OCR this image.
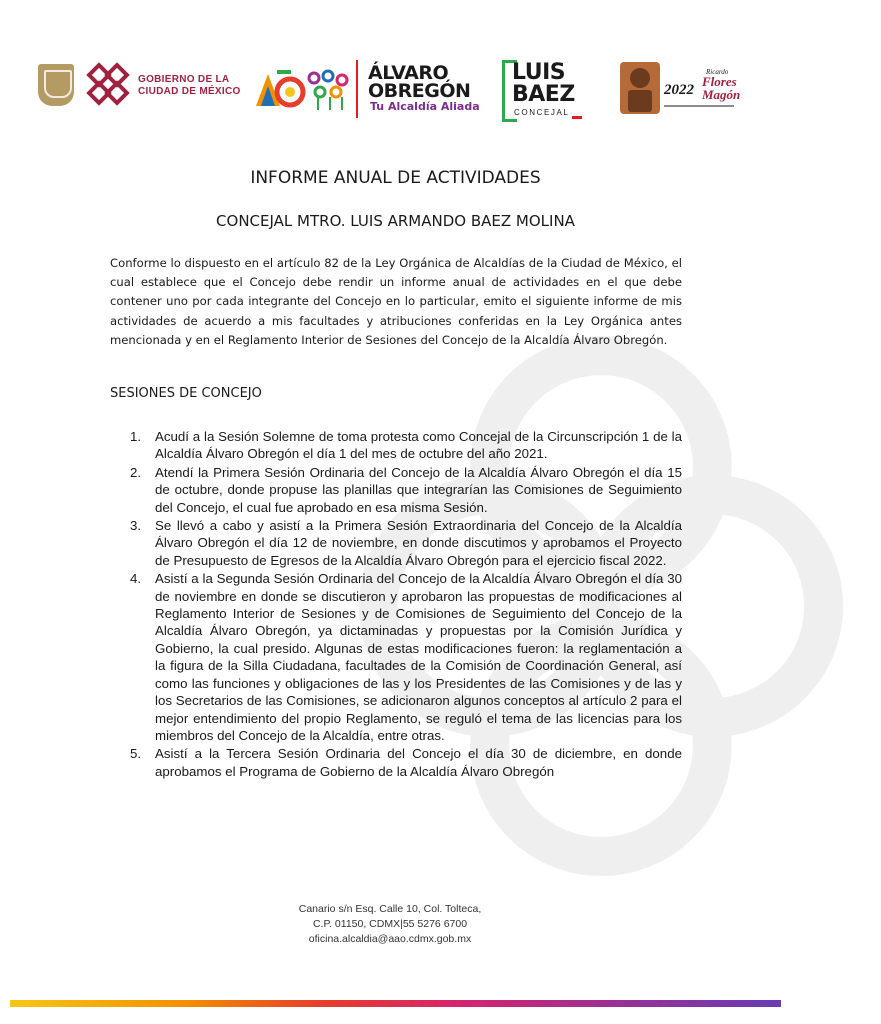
GOBIERNO DE LA
CIUDAD DE MÉXICO
ÁLVARO
OBREGÓN
Tu Alcaldía Aliada
LUIS
BAEZ
CONCEJAL
2022
Ricardo
Flores
Magón
INFORME ANUAL DE ACTIVIDADES
CONCEJAL MTRO. LUIS ARMANDO BAEZ MOLINA

Conforme lo dispuesto en el artículo 82 de la Ley Orgánica de Alcaldías de la Ciudad de México, el cual establece que el Concejo debe rendir un informe anual de actividades en el que debe contener uno por cada integrante del Concejo en lo particular, emito el siguiente informe de mis actividades de acuerdo a mis facultades y atribuciones conferidas en la Ley Orgánica antes mencionada y en el Reglamento Interior de Sesiones del Concejo de la Alcaldía Álvaro Obregón.

SESIONES DE CONCEJO
1. Acudí a la Sesión Solemne de toma protesta como Concejal de la Circunscripción 1 de la Alcaldía Álvaro Obregón el día 1 del mes de octubre del año 2021.
2. Atendí la Primera Sesión Ordinaria del Concejo de la Alcaldía Álvaro Obregón el día 15 de octubre, donde propuse las planillas que integrarían las Comisiones de Seguimiento del Concejo, el cual fue aprobado en esa misma Sesión.
3. Se llevó a cabo y asistí a la Primera Sesión Extraordinaria del Concejo de la Alcaldía Álvaro Obregón el día 12 de noviembre, en donde discutimos y aprobamos el Proyecto de Presupuesto de Egresos de la Alcaldía Álvaro Obregón para el ejercicio fiscal 2022.
4. Asistí a la Segunda Sesión Ordinaria del Concejo de la Alcaldía Álvaro Obregón el día 30 de noviembre en donde se discutieron y aprobaron las propuestas de modificaciones al Reglamento Interior de Sesiones y de Comisiones de Seguimiento del Concejo de la Alcaldía Álvaro Obregón, ya dictaminadas y propuestas por la Comisión Jurídica y Gobierno, la cual presido. Algunas de estas modificaciones fueron: la reglamentación a la figura de la Silla Ciudadana, facultades de la Comisión de Coordinación General, así como las funciones y obligaciones de las y los Presidentes de las Comisiones y de las y los Secretarios de las Comisiones, se adicionaron algunos conceptos al artículo 2 para el mejor entendimiento del propio Reglamento, se reguló el tema de las licencias para los miembros del Concejo de la Alcaldía, entre otras.
5. Asistí a la Tercera Sesión Ordinaria del Concejo el día 30 de diciembre, en donde aprobamos el Programa de Gobierno de la Alcaldía Álvaro Obregón
Canario s/n Esq. Calle 10, Col. Tolteca,
C.P. 01150, CDMX|55 5276 6700
oficina.alcaldia@aao.cdmx.gob.mx
